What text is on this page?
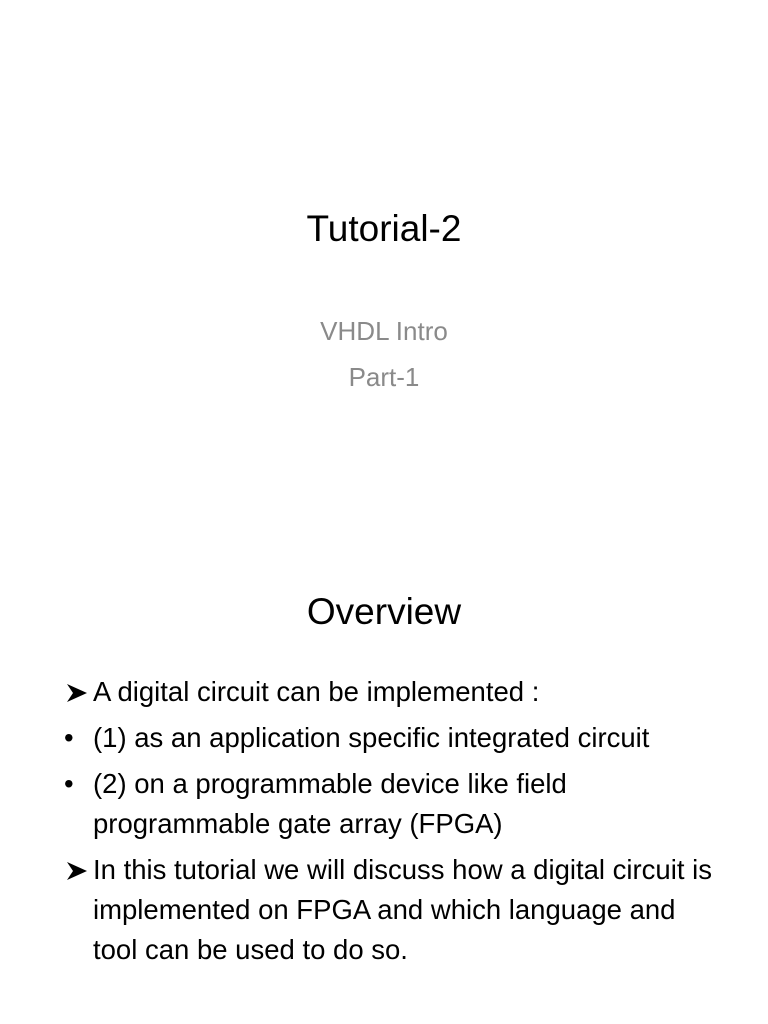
Tutorial-2
VHDL Intro
Part-1
Overview
A digital circuit can be implemented :
• (1) as an application specific integrated circuit
• (2) on a programmable device like field programmable gate array (FPGA)
In this tutorial we will discuss how a digital circuit is implemented on FPGA and which language and tool can be used to do so.
